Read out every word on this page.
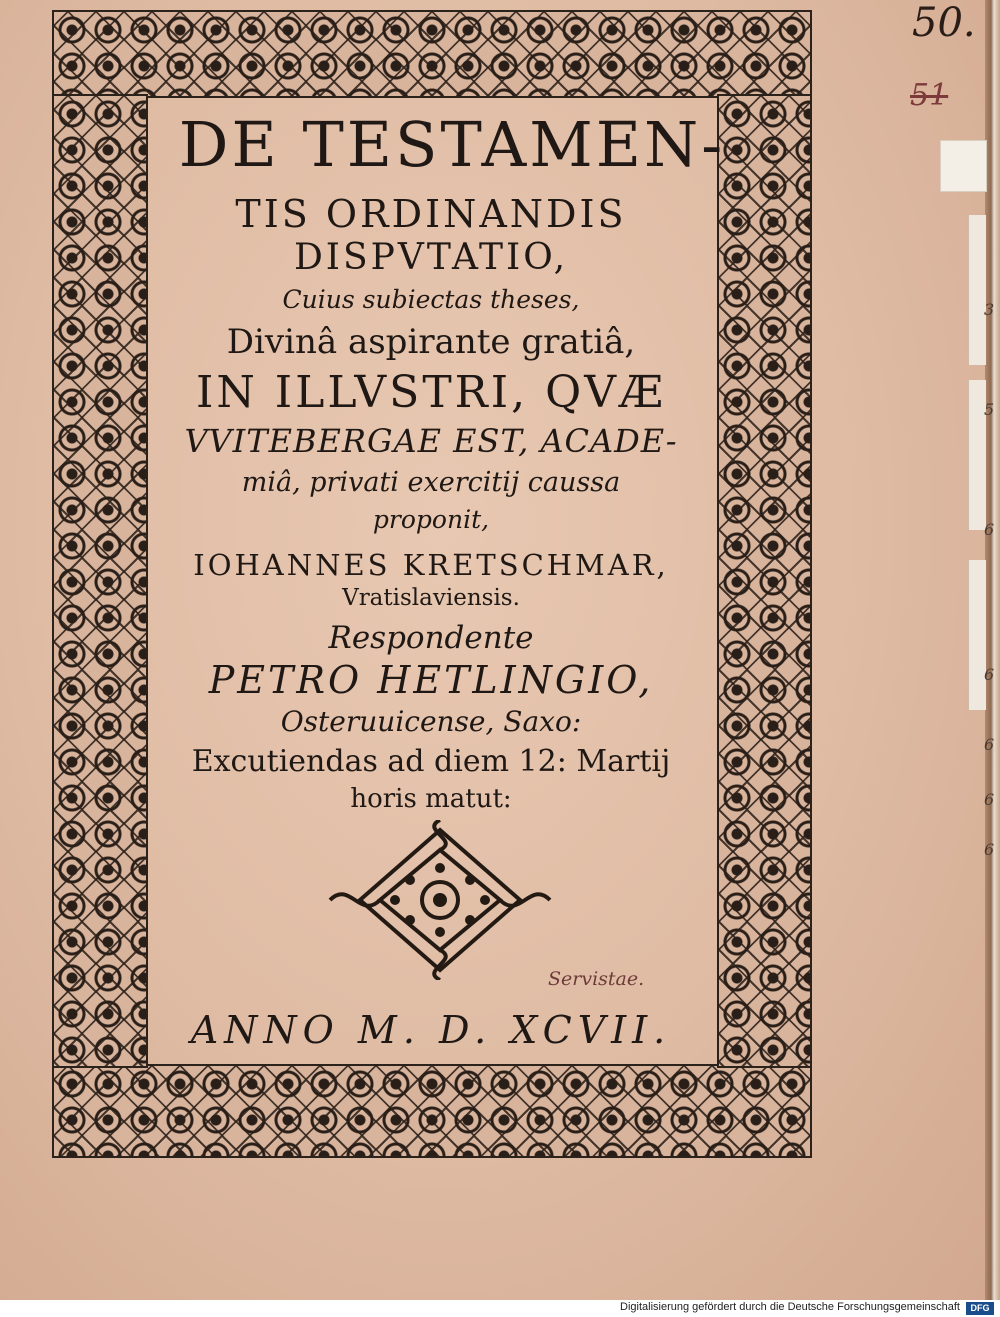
3
5
6
6
6
6
6
50.
51

DE TESTAMEN-

TIS ORDINANDIS

DISPVTATIO,

Cuius subiectas theses,

Divinâ aspirante gratiâ,

IN ILLVSTRI, QVÆ

VVITEBERGAE EST, ACADE-

miâ, privati exercitij caussa

proponit,

IOHANNES KRETSCHMAR,

Vratislaviensis.

Respondente

PETRO HETLINGIO,

Osteruuicense, Saxo:

Excutiendas ad diem 12: Martij

horis matut:

Servistae.

ANNO M. D. XCVII.

Digitalisierung gefördert durch die Deutsche Forschungsgemeinschaft	DFG
